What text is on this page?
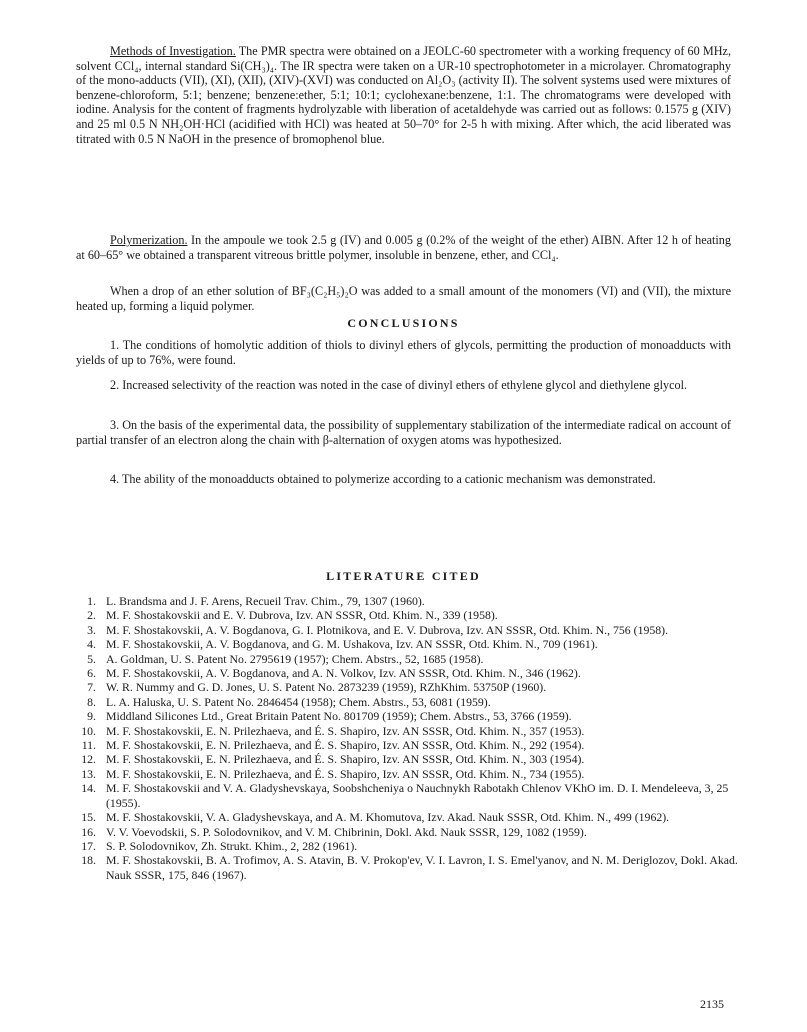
Methods of Investigation. The PMR spectra were obtained on a JEOLC-60 spectrometer with a working frequency of 60 MHz, solvent CCl₄, internal standard Si(CH₃)₄. The IR spectra were taken on a UR-10 spectrophotometer in a microlayer. Chromatography of the mono-adducts (VII), (XI), (XII), (XIV)-(XVI) was conducted on Al₂O₃ (activity II). The solvent systems used were mixtures of benzene-chloroform, 5:1; benzene; benzene:ether, 5:1; 10:1; cyclohexane:benzene, 1:1. The chromatograms were developed with iodine. Analysis for the content of fragments hydrolyzable with liberation of acetaldehyde was carried out as follows: 0.1575 g (XIV) and 25 ml 0.5 N NH₂OH·HCl (acidified with HCl) was heated at 50–70° for 2-5 h with mixing. After which, the acid liberated was titrated with 0.5 N NaOH in the presence of bromophenol blue.

Polymerization. In the ampoule we took 2.5 g (IV) and 0.005 g (0.2% of the weight of the ether) AIBN. After 12 h of heating at 60–65° we obtained a transparent vitreous brittle polymer, insoluble in benzene, ether, and CCl₄.

When a drop of an ether solution of BF₃(C₂H₅)₂O was added to a small amount of the monomers (VI) and (VII), the mixture heated up, forming a liquid polymer.

CONCLUSIONS

1. The conditions of homolytic addition of thiols to divinyl ethers of glycols, permitting the production of monoadducts with yields of up to 76%, were found.

2. Increased selectivity of the reaction was noted in the case of divinyl ethers of ethylene glycol and diethylene glycol.

3. On the basis of the experimental data, the possibility of supplementary stabilization of the intermediate radical on account of partial transfer of an electron along the chain with β-alternation of oxygen atoms was hypothesized.

4. The ability of the monoadducts obtained to polymerize according to a cationic mechanism was demonstrated.

LITERATURE CITED

1. L. Brandsma and J. F. Arens, Recueil Trav. Chim., 79, 1307 (1960).

2. M. F. Shostakovskii and E. V. Dubrova, Izv. AN SSSR, Otd. Khim. N., 339 (1958).

3. M. F. Shostakovskii, A. V. Bogdanova, G. I. Plotnikova, and E. V. Dubrova, Izv. AN SSSR, Otd. Khim. N., 756 (1958).

4. M. F. Shostakovskii, A. V. Bogdanova, and G. M. Ushakova, Izv. AN SSSR, Otd. Khim. N., 709 (1961).

5. A. Goldman, U. S. Patent No. 2795619 (1957); Chem. Abstrs., 52, 1685 (1958).

6. M. F. Shostakovskii, A. V. Bogdanova, and A. N. Volkov, Izv. AN SSSR, Otd. Khim. N., 346 (1962).

7. W. R. Nummy and G. D. Jones, U. S. Patent No. 2873239 (1959), RZhKhim. 53750P (1960).

8. L. A. Haluska, U. S. Patent No. 2846454 (1958); Chem. Abstrs., 53, 6081 (1959).

9. Middland Silicones Ltd., Great Britain Patent No. 801709 (1959); Chem. Abstrs., 53, 3766 (1959).

10. M. F. Shostakovskii, E. N. Prilezhaeva, and É. S. Shapiro, Izv. AN SSSR, Otd. Khim. N., 357 (1953).

11. M. F. Shostakovskii, E. N. Prilezhaeva, and É. S. Shapiro, Izv. AN SSSR, Otd. Khim. N., 292 (1954).

12. M. F. Shostakovskii, E. N. Prilezhaeva, and É. S. Shapiro, Izv. AN SSSR, Otd. Khim. N., 303 (1954).

13. M. F. Shostakovskii, E. N. Prilezhaeva, and É. S. Shapiro, Izv. AN SSSR, Otd. Khim. N., 734 (1955).

14. M. F. Shostakovskii and V. A. Gladyshevskaya, Soobshcheniya o Nauchnykh Rabotakh Chlenov VKhO im. D. I. Mendeleeva, 3, 25 (1955).

15. M. F. Shostakovskii, V. A. Gladyshevskaya, and A. M. Khomutova, Izv. Akad. Nauk SSSR, Otd. Khim. N., 499 (1962).

16. V. V. Voevodskii, S. P. Solodovnikov, and V. M. Chibrinin, Dokl. Akd. Nauk SSSR, 129, 1082 (1959).

17. S. P. Solodovnikov, Zh. Strukt. Khim., 2, 282 (1961).

18. M. F. Shostakovskii, B. A. Trofimov, A. S. Atavin, B. V. Prokop'ev, V. I. Lavron, I. S. Emel'yanov, and N. M. Deriglozov, Dokl. Akad. Nauk SSSR, 175, 846 (1967).

2135
